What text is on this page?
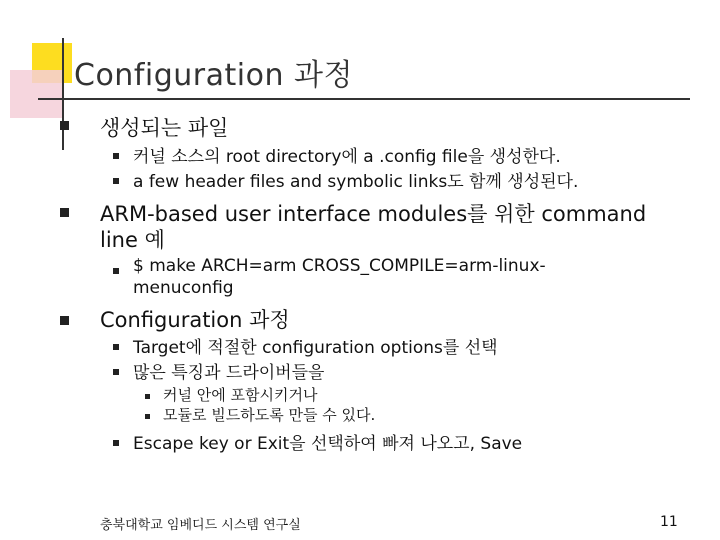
Configuration 과정
생성되는 파일
커널 소스의 root directory에 a .config file을 생성한다.
a few header files and symbolic links도 함께 생성된다.
ARM-based user interface modules를 위한 command
line 예
$ make ARCH=arm CROSS_COMPILE=arm-linux-
menuconfig
Configuration 과정
Target에 적절한 configuration options를 선택
많은 특징과 드라이버들을
커널 안에 포함시키거나
모듈로 빌드하도록 만들 수 있다.
Escape key or Exit을 선택하여 빠져 나오고, Save
충북대학교 임베디드 시스템 연구실	11
